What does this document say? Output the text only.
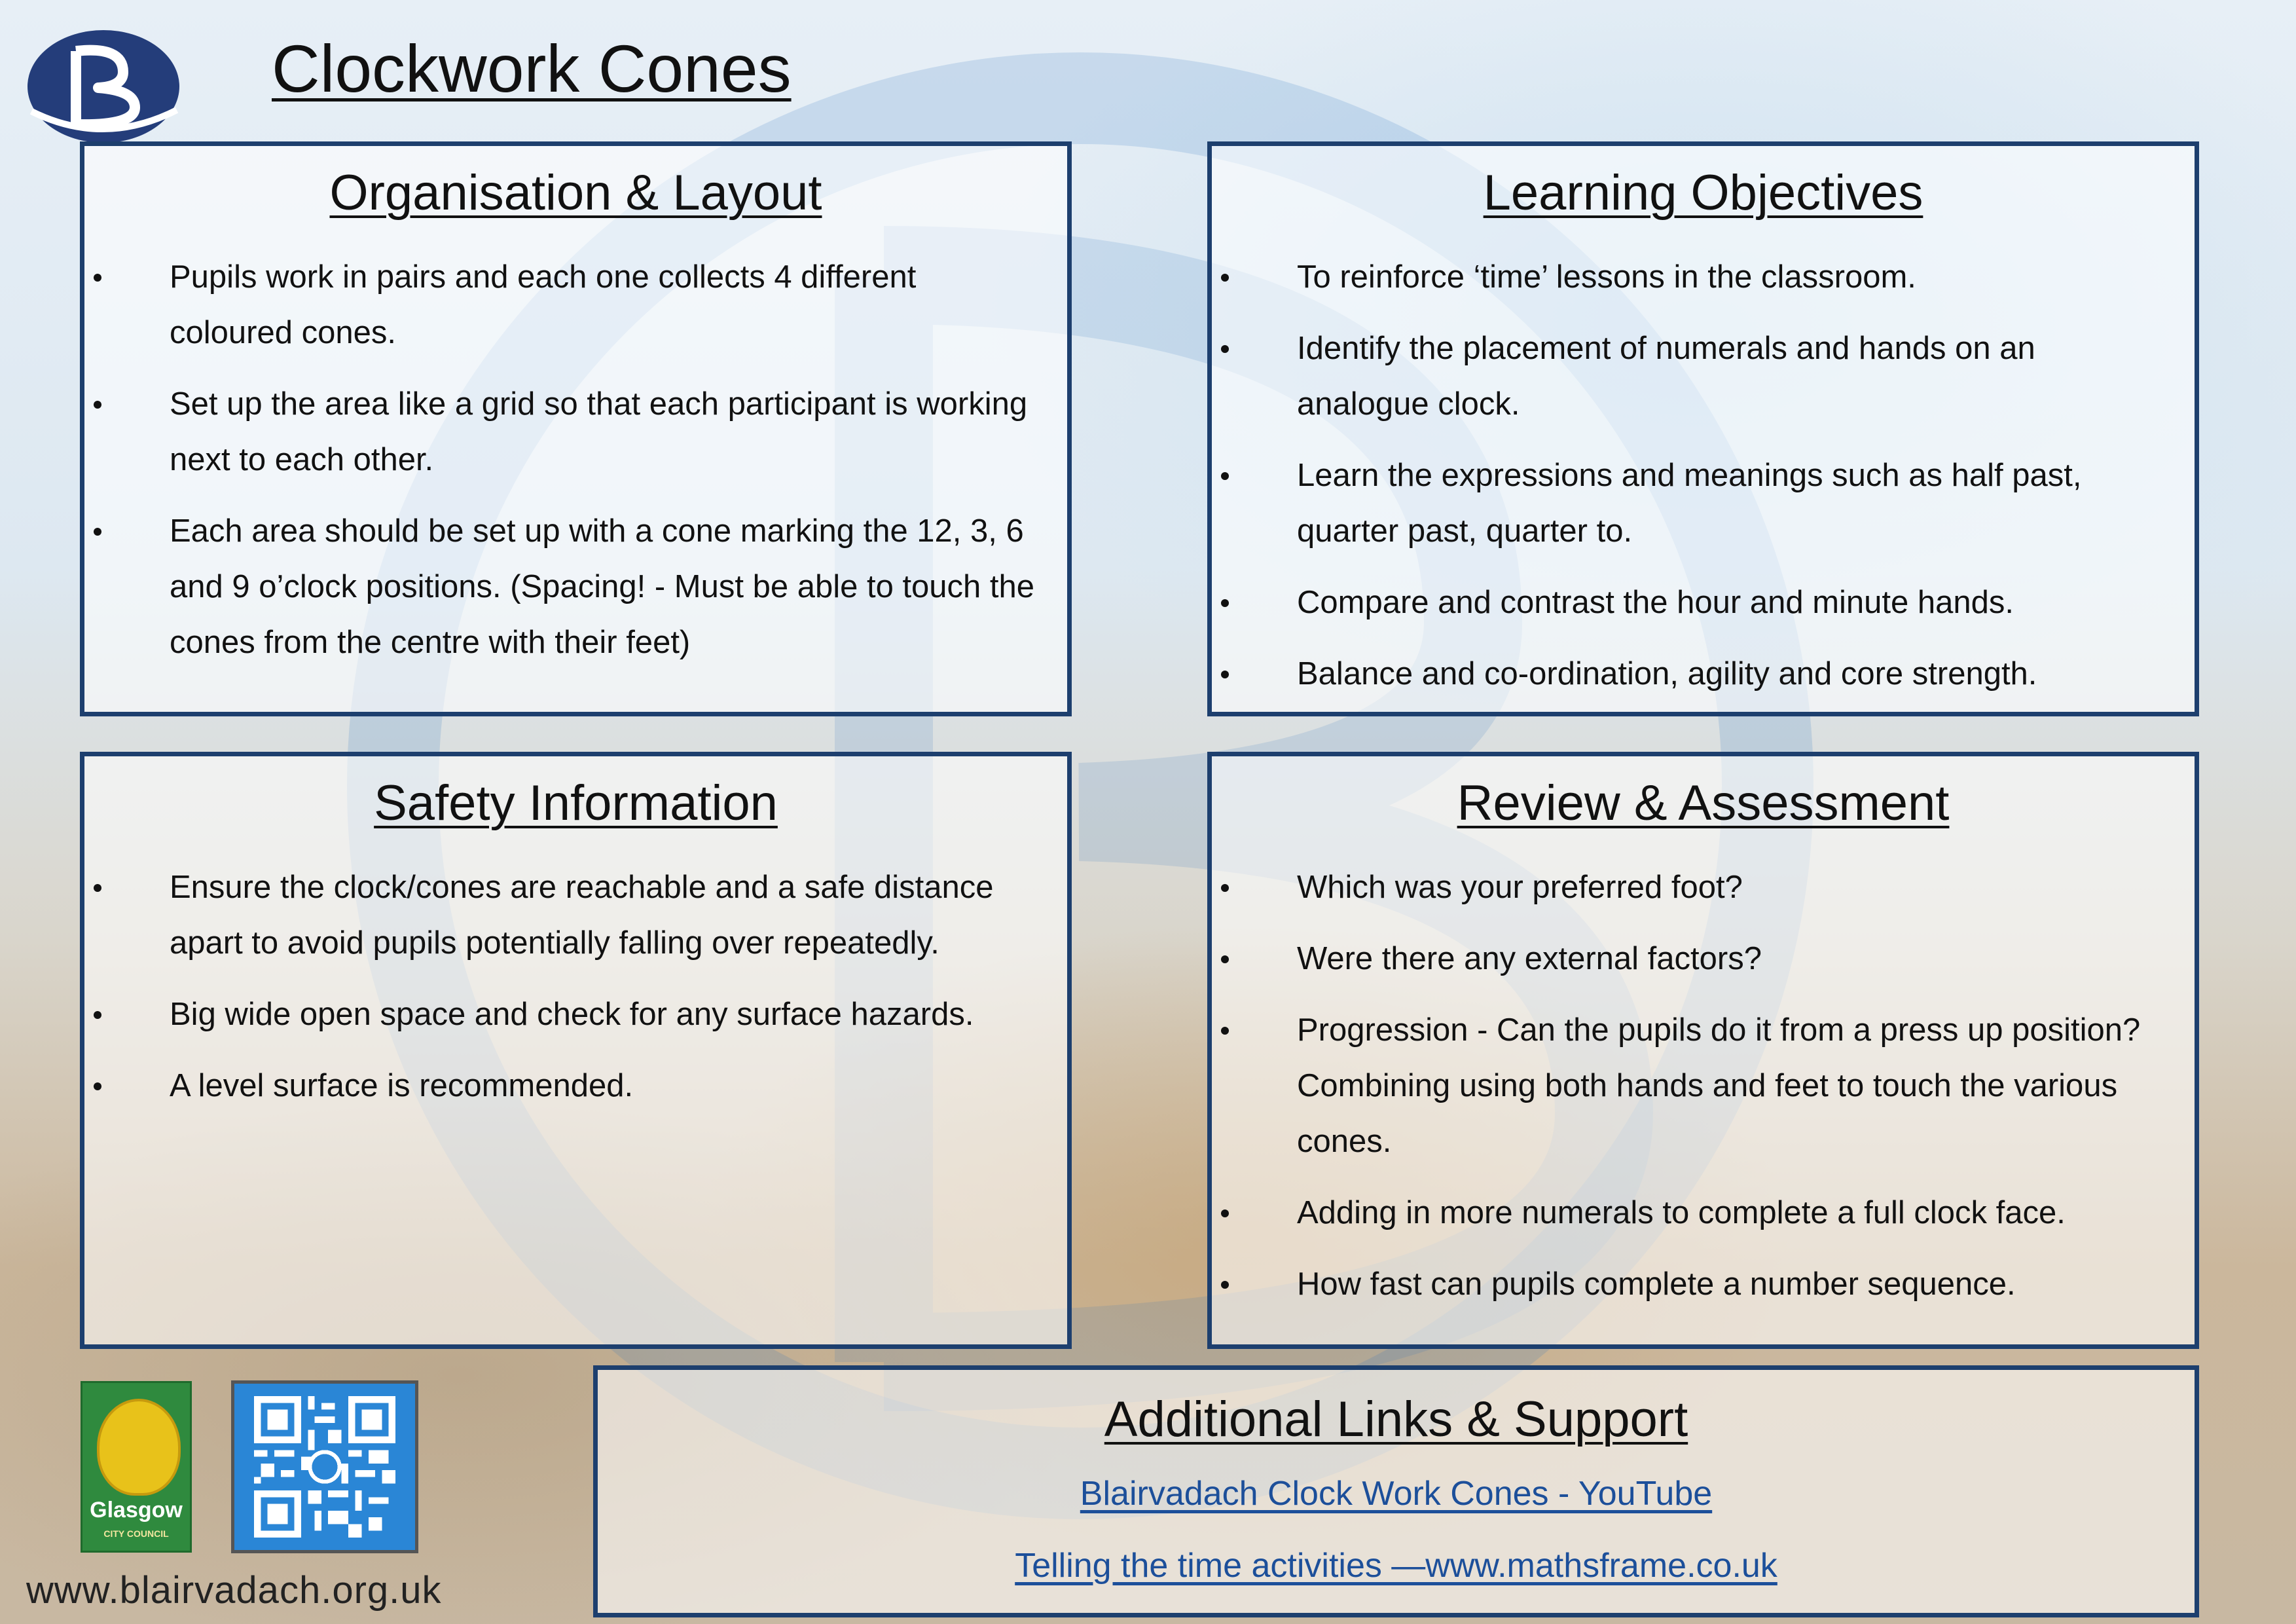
Clockwork Cones
Organisation & Layout
Pupils work in pairs and each one collects 4 different coloured cones.
Set up the area like a grid so that each participant is working next to each other.
Each area should be set up with a cone marking the 12, 3, 6 and 9 o’clock positions. (Spacing! - Must be able to touch the cones from the centre with their feet)
Learning Objectives
To reinforce ‘time’ lessons in the classroom.
Identify the placement of numerals and hands on an analogue clock.
Learn the expressions and meanings such as half past, quarter past, quarter to.
Compare and contrast the hour and minute hands.
Balance and co-ordination, agility and core strength.
Safety Information
Ensure the clock/cones are reachable and a safe distance apart to avoid pupils potentially falling over repeatedly.
Big wide open space and check for any surface hazards.
A level surface is recommended.
Review & Assessment
Which was your preferred foot?
Were there any external factors?
Progression - Can the pupils do it from a press up position? Combining using both hands and feet to touch the various cones.
Adding in more numerals to complete a full clock face.
How fast can pupils complete a number sequence.
Glasgow
CITY COUNCIL
Additional Links & Support
Blairvadach Clock Work Cones - YouTube
Telling the time activities —www.mathsframe.co.uk

www.blairvadach.org.uk
